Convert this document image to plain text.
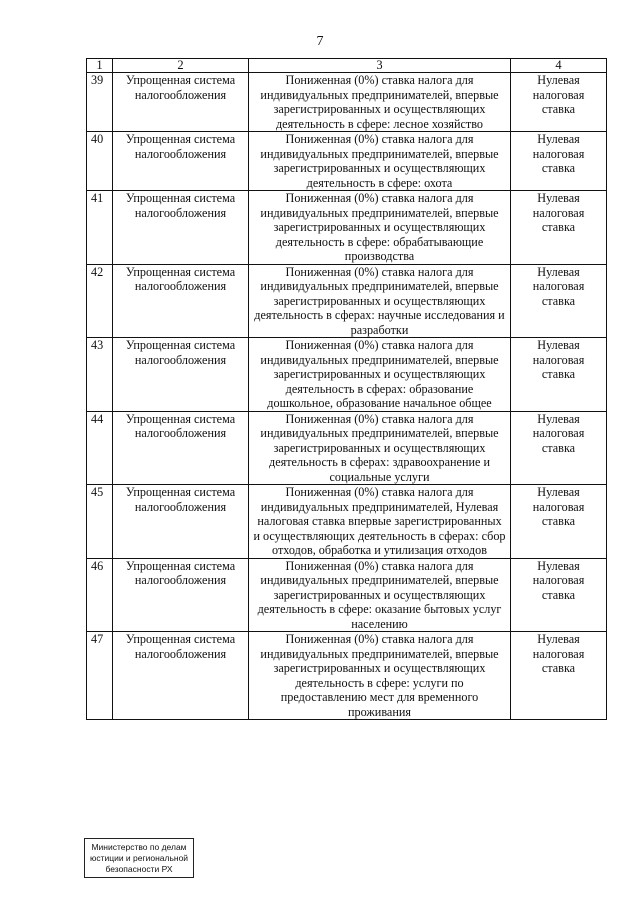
7
1	2	3	4
39	Упрощенная система налогообложения	Пониженная (0%) ставка налога для индивидуальных предпринимателей, впервые зарегистрированных и осуществляющих деятельность в сфере: лесное хозяйство	Нулевая налоговая ставка
40	Упрощенная система налогообложения	Пониженная (0%) ставка налога для индивидуальных предпринимателей, впервые зарегистрированных и осуществляющих деятельность в сфере: охота	Нулевая налоговая ставка
41	Упрощенная система налогообложения	Пониженная (0%) ставка налога для индивидуальных предпринимателей, впервые зарегистрированных и осуществляющих деятельность в сфере: обрабатывающие производства	Нулевая налоговая ставка
42	Упрощенная система налогообложения	Пониженная (0%) ставка налога для индивидуальных предпринимателей, впервые зарегистрированных и осуществляющих деятельность в сферах: научные исследования и разработки	Нулевая налоговая ставка
43	Упрощенная система налогообложения	Пониженная (0%) ставка налога для индивидуальных предпринимателей, впервые зарегистрированных и осуществляющих деятельность в сферах: образование дошкольное, образование начальное общее	Нулевая налоговая ставка
44	Упрощенная система налогообложения	Пониженная (0%) ставка налога для индивидуальных предпринимателей, впервые зарегистрированных и осуществляющих деятельность в сферах: здравоохранение и социальные услуги	Нулевая налоговая ставка
45	Упрощенная система налогообложения	Пониженная (0%) ставка налога для индивидуальных предпринимателей, Нулевая налоговая ставка впервые зарегистрированных и осуществляющих деятельность в сферах: сбор отходов, обработка и утилизация отходов	Нулевая налоговая ставка
46	Упрощенная система налогообложения	Пониженная (0%) ставка налога для индивидуальных предпринимателей, впервые зарегистрированных и осуществляющих деятельность в сфере: оказание бытовых услуг населению	Нулевая налоговая ставка
47	Упрощенная система налогообложения	Пониженная (0%) ставка налога для индивидуальных предпринимателей, впервые зарегистрированных и осуществляющих деятельность в сфере: услуги по предоставлению мест для временного проживания	Нулевая налоговая ставка
Министерство по делам юстиции и региональной безопасности РХ
